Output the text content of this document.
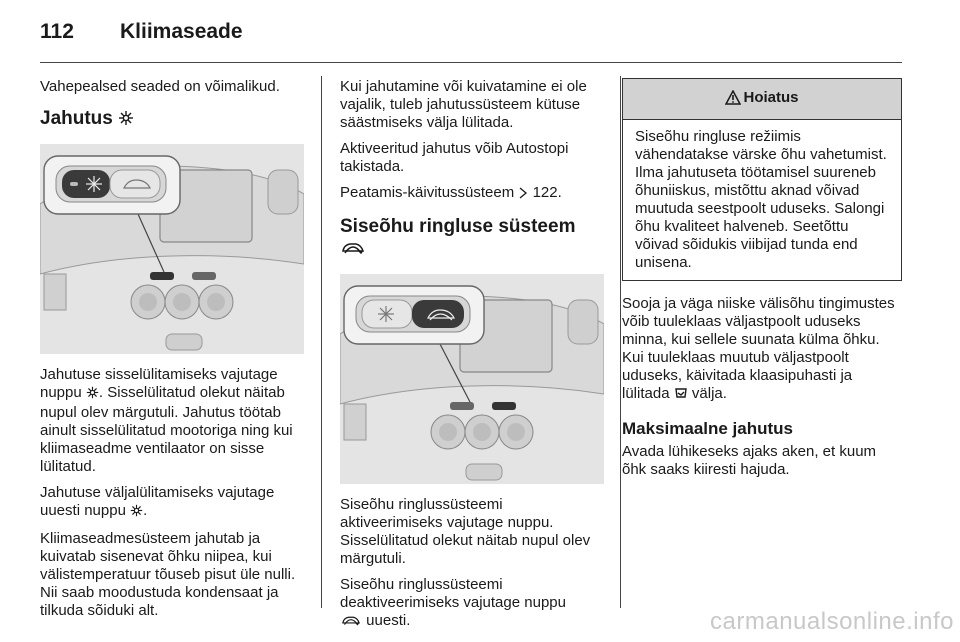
112 Kliimaseade

Vahepealsed seaded on võimalikud.

Jahutus

Jahutuse sisselülitamiseks vajutage nuppu . Sisselülitatud olekut näitab nupul olev märgutuli. Jahutus töötab ainult sisselülitatud mootoriga ning kui kliimaseadme ventilaator on sisse lülitatud.

Jahutuse väljalülitamiseks vajutage uuesti nuppu .

Kliimaseadmesüsteem jahutab ja kuivatab sisenevat õhku niipea, kui välistemperatuur tõuseb pisut üle nulli. Nii saab moodustuda kondensaat ja tilkuda sõiduki alt.

Kui jahutamine või kuivatamine ei ole vajalik, tuleb jahutussüsteem kütuse säästmiseks välja lülitada.

Aktiveeritud jahutus võib Autostopi takistada.

Peatamis-käivitussüsteem 122.

Siseõhu ringluse süsteem

Siseõhu ringlussüsteemi aktiveerimiseks vajutage nuppu. Sisselülitatud olekut näitab nupul olev märgutuli.

Siseõhu ringlussüsteemi deaktiveerimiseks vajutage nuppu
uuesti.

Hoiatus
Siseõhu ringluse režiimis vähendatakse värske õhu vahetumist. Ilma jahutuseta töötamisel suureneb õhuniiskus, mistõttu aknad võivad muutuda seestpoolt uduseks. Salongi õhu kvaliteet halveneb. Seetõttu võivad sõidukis viibijad tunda end unisena.

Sooja ja väga niiske välisõhu tingimustes võib tuuleklaas väljastpoolt uduseks minna, kui sellele suunata külma õhku. Kui tuuleklaas muutub väljastpoolt uduseks, käivitada klaasipuhasti ja lülitada välja.

Maksimaalne jahutus

Avada lühikeseks ajaks aken, et kuum õhk saaks kiiresti hajuda.

carmanualsonline.info
